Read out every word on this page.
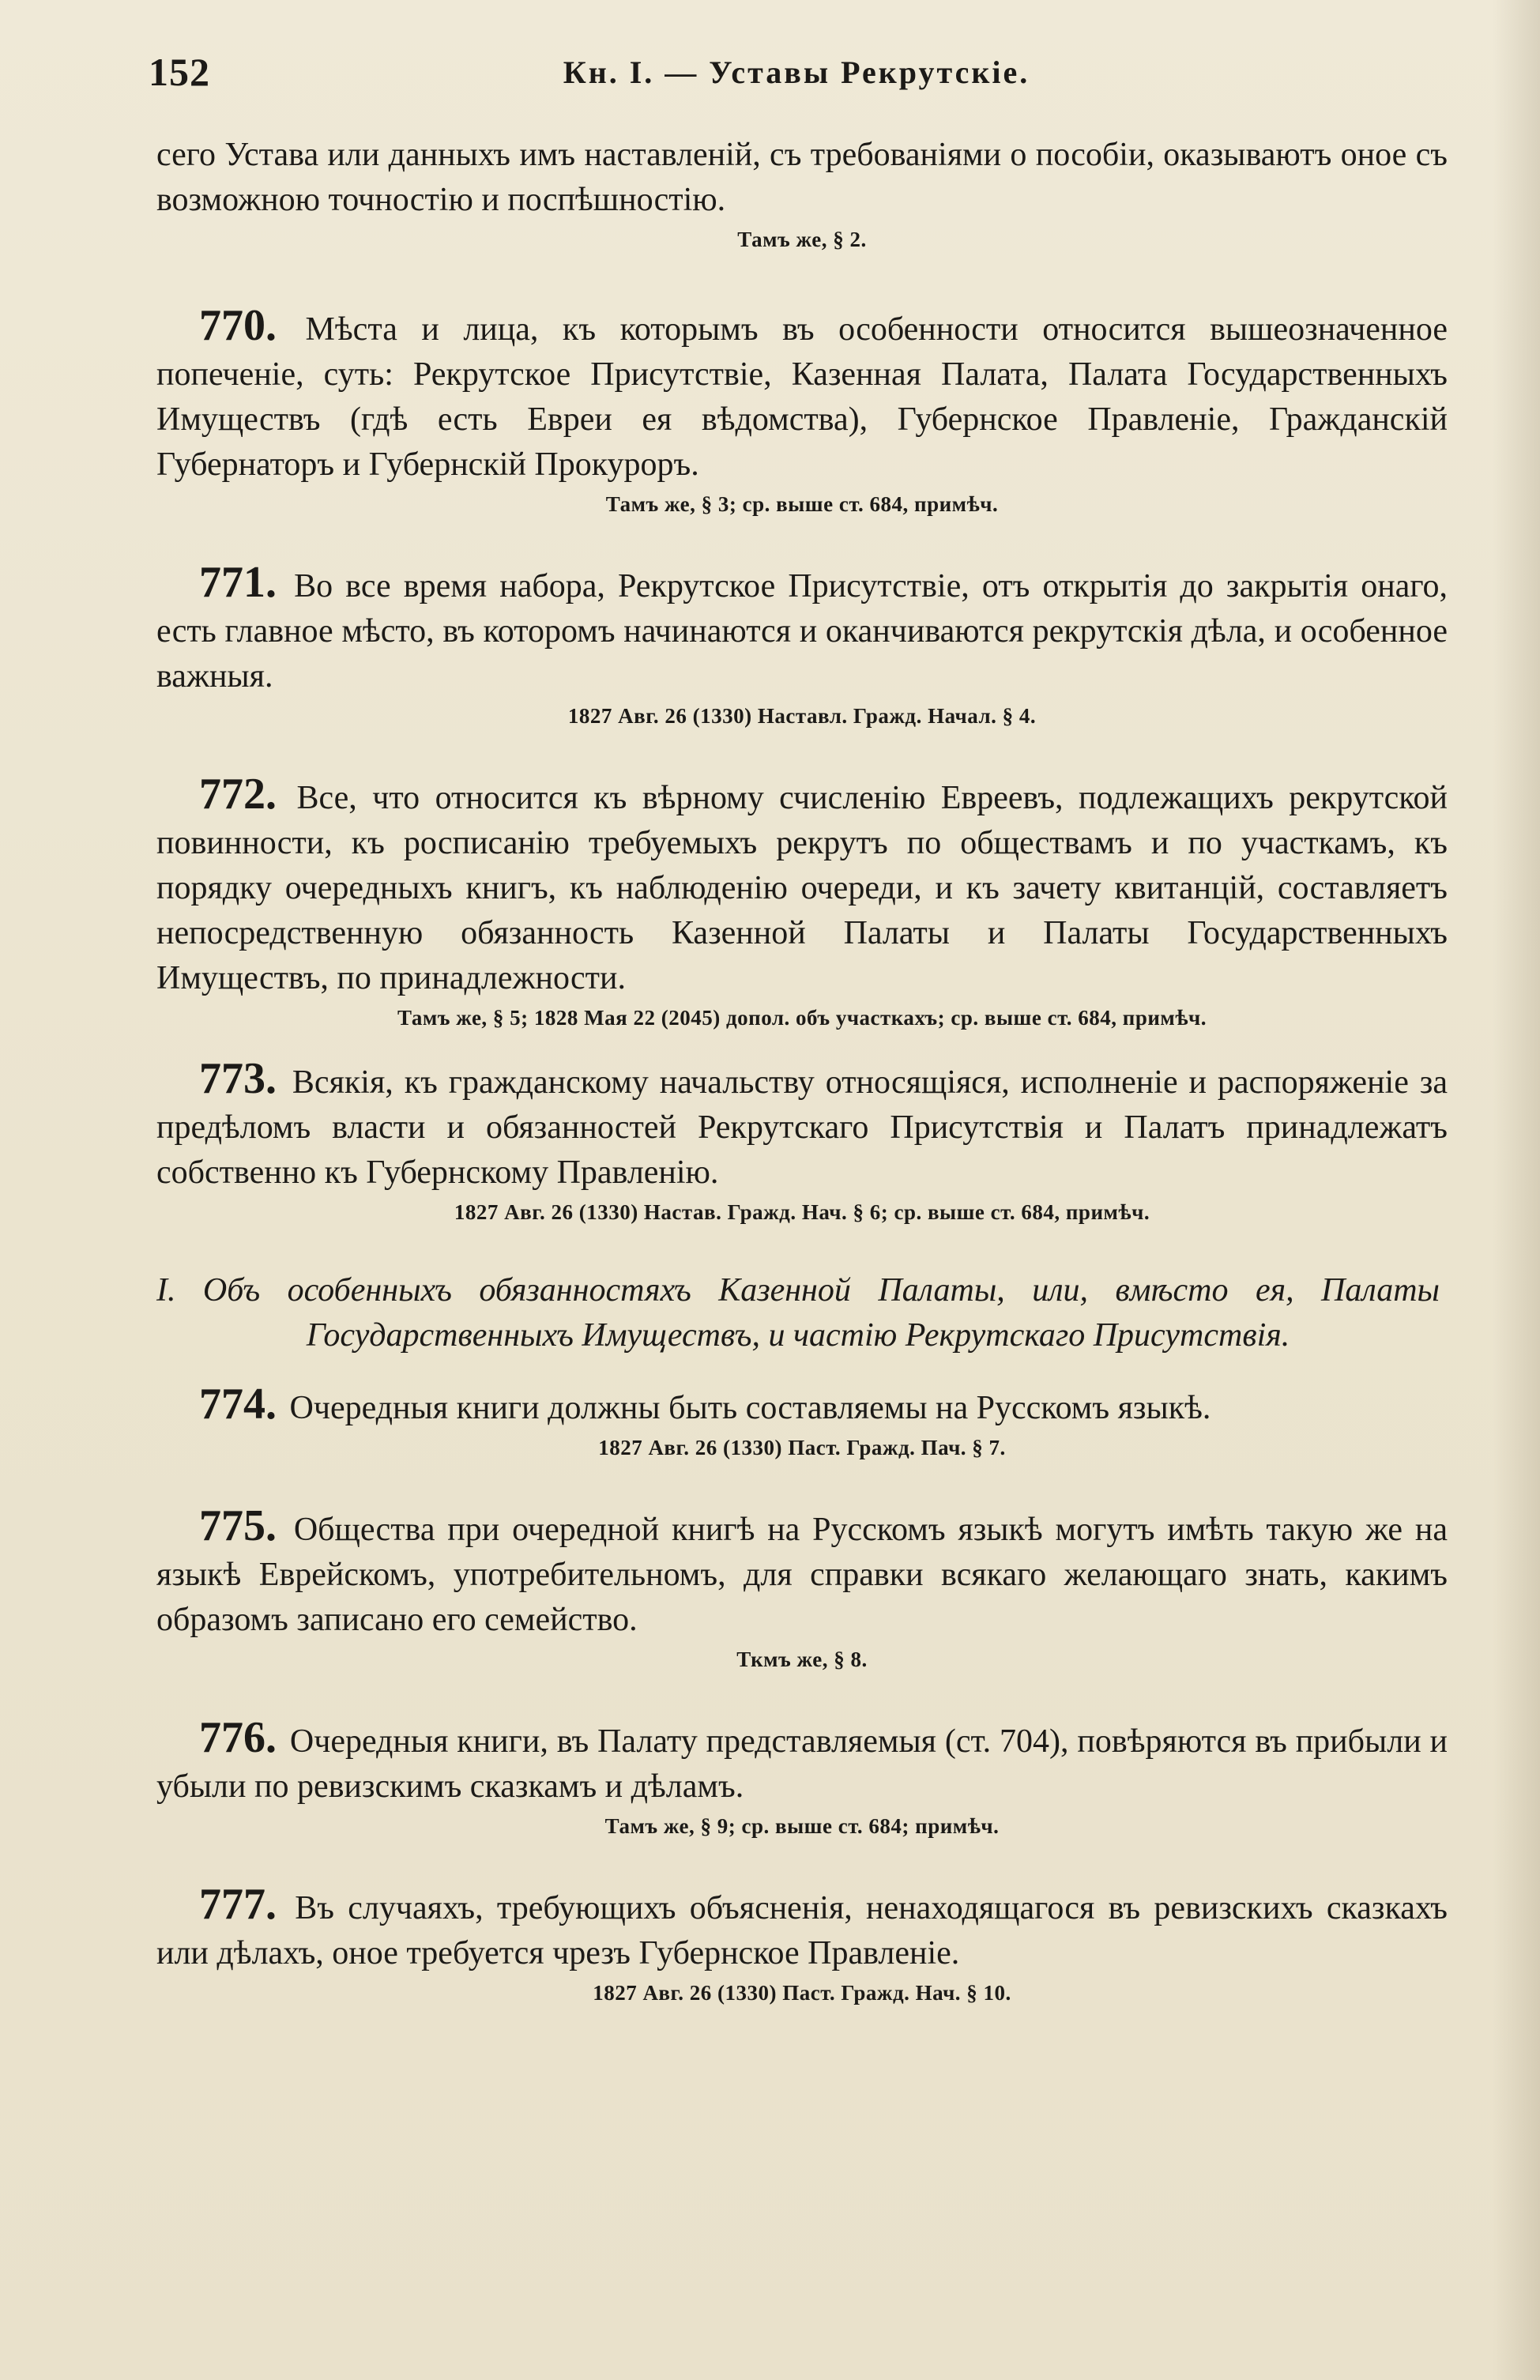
152	Кн. I. — Уставы Рекрутскіе.

сего Устава или данныхъ имъ наставленій, съ требованіями о пособіи, оказываютъ оное съ возможною точностію и поспѣшностію.

Тамъ же, § 2.

770. Мѣста и лица, къ которымъ въ особенности относится вышеозначенное попеченіе, суть: Рекрутское Присутствіе, Казенная Палата, Палата Государственныхъ Имуществъ (гдѣ есть Евреи ея вѣдомства), Губернское Правленіе, Гражданскій Губернаторъ и Губернскій Прокуроръ.

Тамъ же, § 3; ср. выше ст. 684, примѣч.

771. Во все время набора, Рекрутское Присутствіе, отъ открытія до закрытія онаго, есть главное мѣсто, въ которомъ начинаются и оканчиваются рекрутскія дѣла, и особенное важныя.

1827 Авг. 26 (1330) Наставл. Гражд. Начал. § 4.

772. Все, что относится къ вѣрному счисленію Евреевъ, подлежащихъ рекрутской повинности, къ росписанію требуемыхъ рекрутъ по обществамъ и по участкамъ, къ порядку очередныхъ книгъ, къ наблюденію очереди, и къ зачету квитанцій, составляетъ непосредственную обязанность Казенной Палаты и Палаты Государственныхъ Имуществъ, по принадлежности.

Тамъ же, § 5; 1828 Мая 22 (2045) допол. объ участкахъ; ср. выше ст. 684, примѣч.

773. Всякія, къ гражданскому начальству относящіяся, исполненіе и распоряженіе за предѣломъ власти и обязанностей Рекрутскаго Присутствія и Палатъ принадлежатъ собственно къ Губернскому Правленію.

1827 Авг. 26 (1330) Настав. Гражд. Нач. § 6; ср. выше ст. 684, примѣч.

I. Объ особенныхъ обязанностяхъ Казенной Палаты, или, вмѣсто ея, Палаты Государственныхъ Имуществъ, и частію Рекрутскаго Присутствія.

774. Очередныя книги должны быть составляемы на Русскомъ языкѣ.

1827 Авг. 26 (1330) Паст. Гражд. Пач. § 7.

775. Общества при очередной книгѣ на Русскомъ языкѣ могутъ имѣть такую же на языкѣ Еврейскомъ, употребительномъ, для справки всякаго желающаго знать, какимъ образомъ записано его семейство.

Ткмъ же, § 8.

776. Очередныя книги, въ Палату представляемыя (ст. 704), повѣряются въ прибыли и убыли по ревизскимъ сказкамъ и дѣламъ.

Тамъ же, § 9; ср. выше ст. 684; примѣч.

777. Въ случаяхъ, требующихъ объясненія, ненаходящагося въ ревизскихъ сказкахъ или дѣлахъ, оное требуется чрезъ Губернское Правленіе.

1827 Авг. 26 (1330) Паст. Гражд. Нач. § 10.
